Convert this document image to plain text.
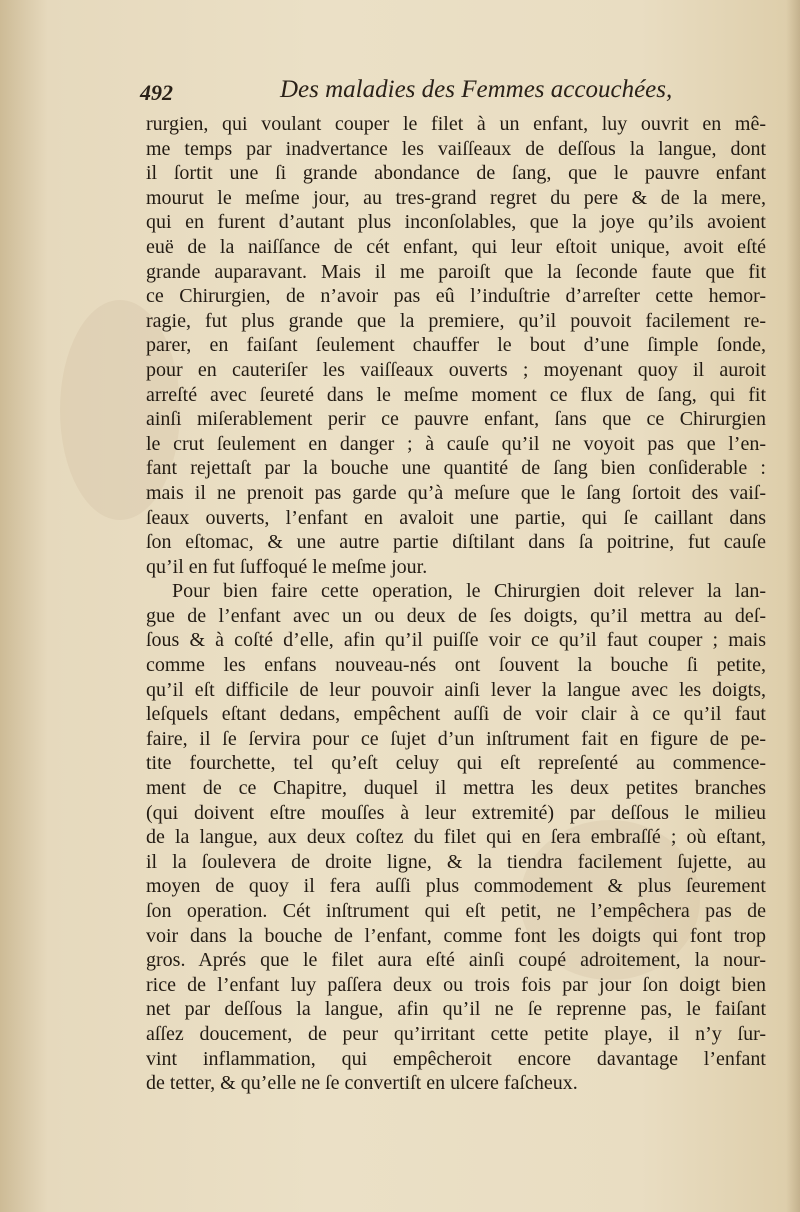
492	Des maladies des Femmes accouchées,
rurgien, qui voulant couper le filet à un enfant, luy ouvrit en mê-
me temps par inadvertance les vaiſſeaux de deſſous la langue, dont
il ſortit une ſi grande abondance de ſang, que le pauvre enfant
mourut le meſme jour, au tres-grand regret du pere & de la mere,
qui en furent d’autant plus inconſolables, que la joye qu’ils avoient
euë de la naiſſance de cét enfant, qui leur eſtoit unique, avoit eſté
grande auparavant. Mais il me paroiſt que la ſeconde faute que fit
ce Chirurgien, de n’avoir pas eû l’induſtrie d’arreſter cette hemor-
ragie, fut plus grande que la premiere, qu’il pouvoit facilement re-
parer, en faiſant ſeulement chauffer le bout d’une ſimple ſonde,
pour en cauteriſer les vaiſſeaux ouverts ; moyenant quoy il auroit
arreſté avec ſeureté dans le meſme moment ce flux de ſang, qui fit
ainſi miſerablement perir ce pauvre enfant, ſans que ce Chirurgien
le crut ſeulement en danger ; à cauſe qu’il ne voyoit pas que l’en-
fant rejettaſt par la bouche une quantité de ſang bien conſiderable :
mais il ne prenoit pas garde qu’à meſure que le ſang ſortoit des vaiſ-
ſeaux ouverts, l’enfant en avaloit une partie, qui ſe caillant dans
ſon eſtomac, & une autre partie diſtilant dans ſa poitrine, fut cauſe
qu’il en fut ſuffoqué le meſme jour.
Pour bien faire cette operation, le Chirurgien doit relever la lan-
gue de l’enfant avec un ou deux de ſes doigts, qu’il mettra au deſ-
ſous & à coſté d’elle, afin qu’il puiſſe voir ce qu’il faut couper ; mais
comme les enfans nouveau-nés ont ſouvent la bouche ſi petite,
qu’il eſt difficile de leur pouvoir ainſi lever la langue avec les doigts,
leſquels eſtant dedans, empêchent auſſi de voir clair à ce qu’il faut
faire, il ſe ſervira pour ce ſujet d’un inſtrument fait en figure de pe-
tite fourchette, tel qu’eſt celuy qui eſt repreſenté au commence-
ment de ce Chapitre, duquel il mettra les deux petites branches
(qui doivent eſtre mouſſes à leur extremité) par deſſous le milieu
de la langue, aux deux coſtez du filet qui en ſera embraſſé ; où eſtant,
il la ſoulevera de droite ligne, & la tiendra facilement ſujette, au
moyen de quoy il fera auſſi plus commodement & plus ſeurement
ſon operation. Cét inſtrument qui eſt petit, ne l’empêchera pas de
voir dans la bouche de l’enfant, comme font les doigts qui font trop
gros. Aprés que le filet aura eſté ainſi coupé adroitement, la nour-
rice de l’enfant luy paſſera deux ou trois fois par jour ſon doigt bien
net par deſſous la langue, afin qu’il ne ſe reprenne pas, le faiſant
aſſez doucement, de peur qu’irritant cette petite playe, il n’y ſur-
vint inflammation, qui empêcheroit encore davantage l’enfant
de tetter, & qu’elle ne ſe convertiſt en ulcere faſcheux.
